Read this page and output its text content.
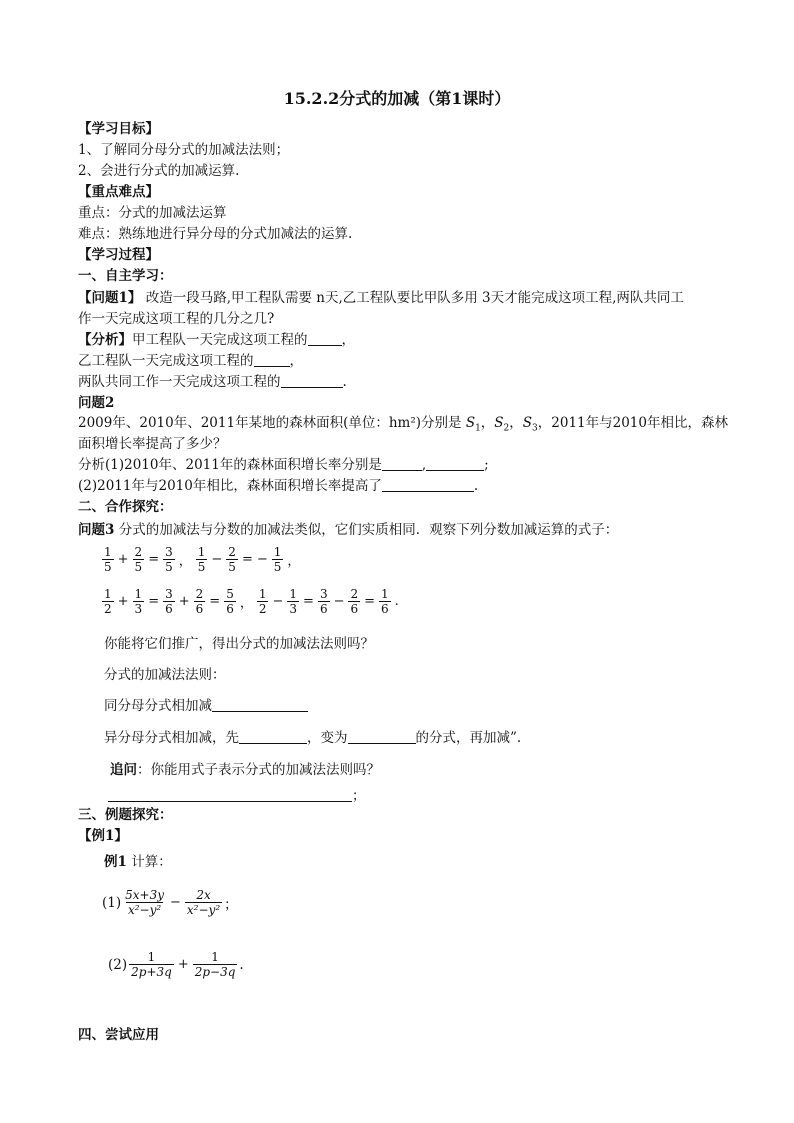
15.2.2分式的加减（第1课时）
【学习目标】
1、了解同分母分式的加减法法则；
2、会进行分式的加减运算.
【重点难点】
重点：分式的加减法运算
难点：熟练地进行异分母的分式加减法的运算.
【学习过程】
一、自主学习：
【问题1】 改造一段马路,甲工程队需要 n天,乙工程队要比甲队多用 3天才能完成这项工程,两队共同工
作一天完成这项工程的几分之几?
【分析】甲工程队一天完成这项工程的	，
乙工程队一天完成这项工程的	，
两队共同工作一天完成这项工程的	.
问题2
2009年、2010年、2011年某地的森林面积(单位：hm²)分别是 $S_1$，$S_2$，$S_3$，2011年与2010年相比，森林
面积增长率提高了多少？
分析(1)2010年、2011年的森林面积增长率分别是	,	;
(2)2011年与2010年相比，森林面积增长率提高了	.
二、合作探究：
问题3 分式的加减法与分数的加减法类似，它们实质相同．观察下列分数加减运算的式子：
$\frac{1}{5} + \frac{2}{5} = \frac{3}{5}$ ， $\frac{1}{5} - \frac{2}{5}$ = − $\frac{1}{5}$ ，
$\frac{1}{2} + \frac{1}{3} = \frac{3}{6} + \frac{2}{6} = \frac{5}{6}$ ， $\frac{1}{2} - \frac{1}{3} = \frac{3}{6} - \frac{2}{6} = \frac{1}{6}$ .
你能将它们推广，得出分式的加减法法则吗？
分式的加减法法则：
同分母分式相加减
异分母分式相加减，先	，变为	的分式，再加减”.
追问：你能用式子表示分式的加减法法则吗？
；
三、例题探究：
【例1】
例1 计算：
$(1) \frac{5x+3y}{\text{x²−y²}} - \frac{2x}{\text{x²−y²}}$ ；
$(2) \frac{1}{2p+3q} + \frac{1}{2p-3q}$ .
四、尝试应用
